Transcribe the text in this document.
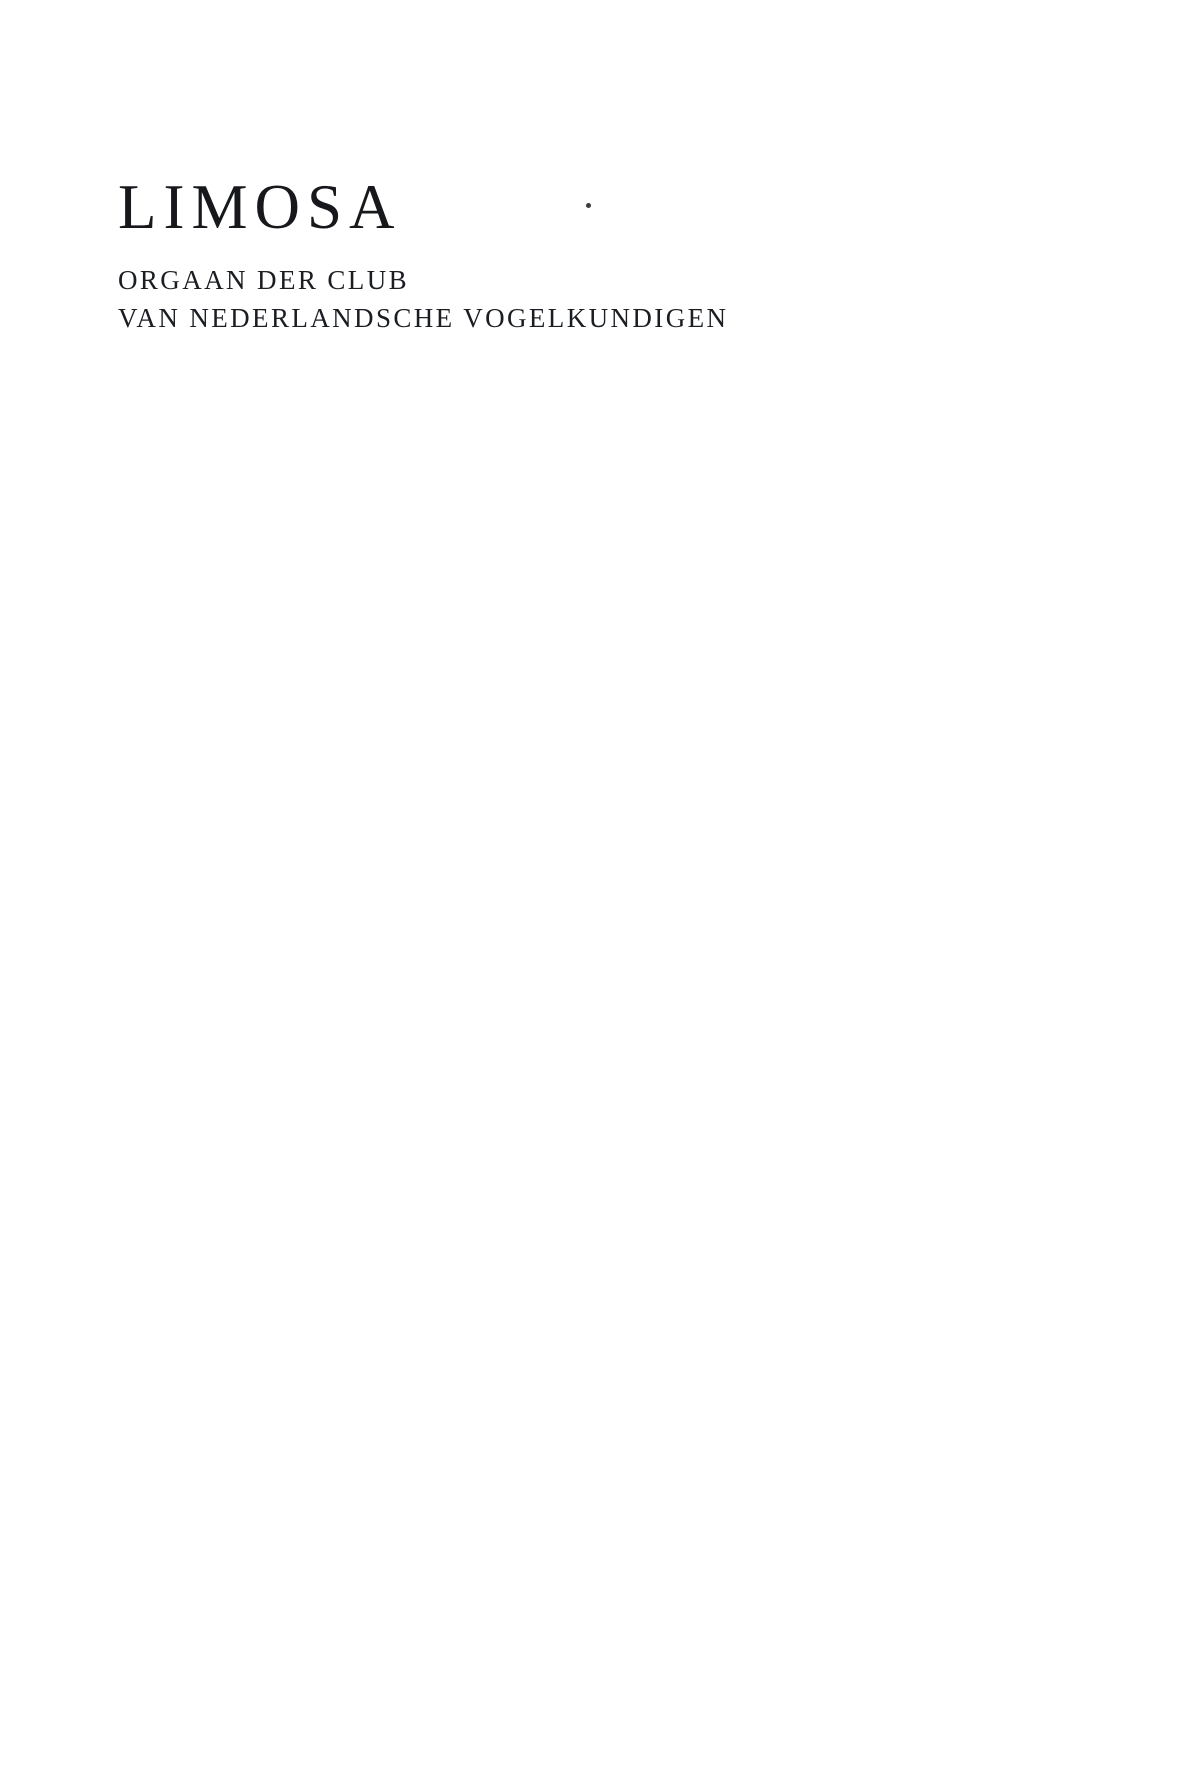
LIMOSA
ORGAAN DER CLUB
VAN NEDERLANDSCHE VOGELKUNDIGEN
